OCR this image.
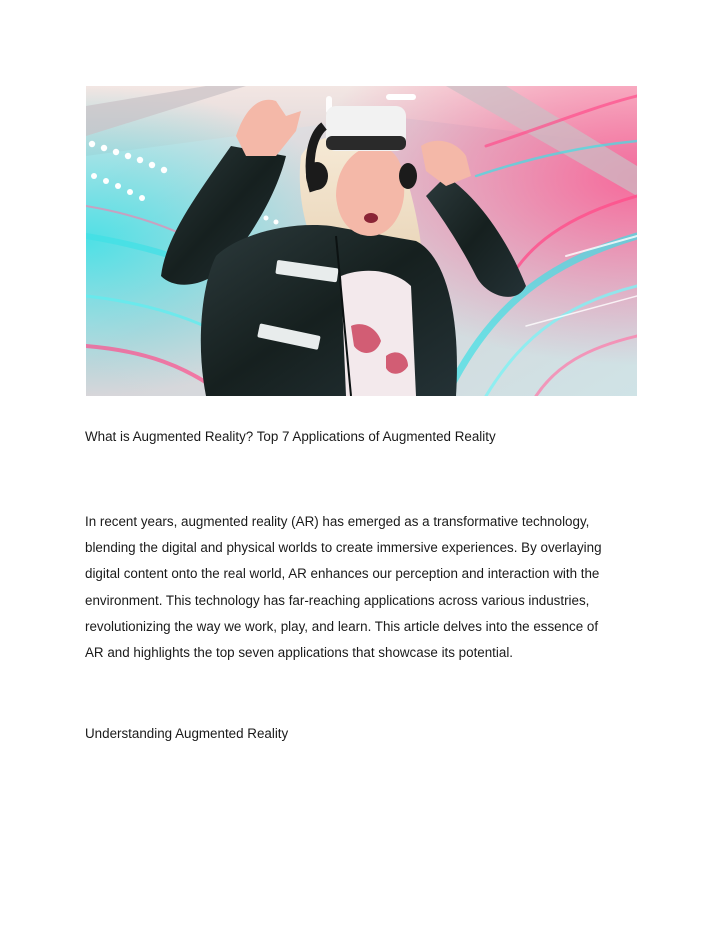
What is Augmented Reality? Top 7 Applications of Augmented Reality

In recent years, augmented reality (AR) has emerged as a transformative technology,
blending the digital and physical worlds to create immersive experiences. By overlaying
digital content onto the real world, AR enhances our perception and interaction with the
environment. This technology has far-reaching applications across various industries,
revolutionizing the way we work, play, and learn. This article delves into the essence of
AR and highlights the top seven applications that showcase its potential.

Understanding Augmented Reality
